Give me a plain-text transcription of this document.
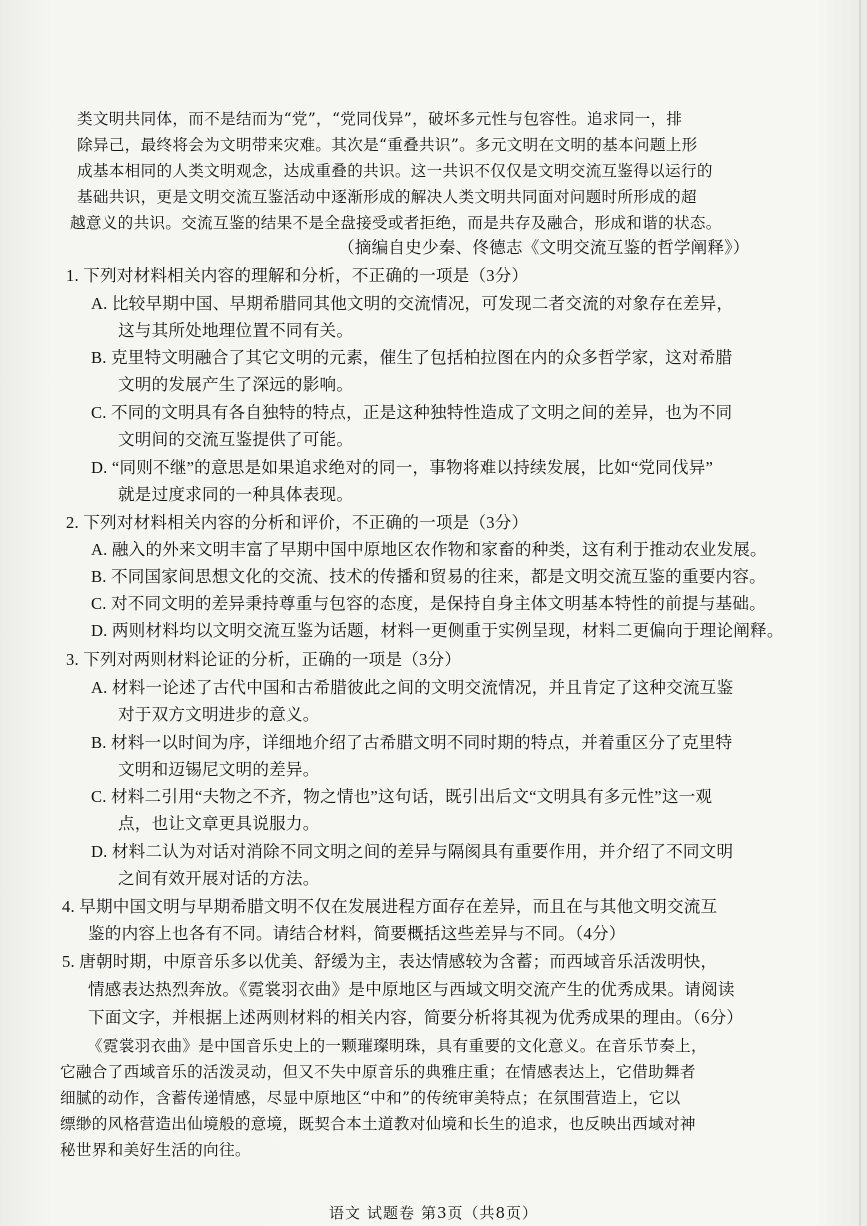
类文明共同体，而不是结而为“党”，“党同伐异”，破坏多元性与包容性。追求同一，排
除异己，最终将会为文明带来灾难。其次是“重叠共识”。多元文明在文明的基本问题上形
成基本相同的人类文明观念，达成重叠的共识。这一共识不仅仅是文明交流互鉴得以运行的
基础共识，更是文明交流互鉴活动中逐渐形成的解决人类文明共同面对问题时所形成的超
越意义的共识。交流互鉴的结果不是全盘接受或者拒绝，而是共存及融合，形成和谐的状态。
（摘编自史少秦、佟德志《文明交流互鉴的哲学阐释》）
1. 下列对材料相关内容的理解和分析，不正确的一项是（3分）
A. 比较早期中国、早期希腊同其他文明的交流情况，可发现二者交流的对象存在差异，
这与其所处地理位置不同有关。
B. 克里特文明融合了其它文明的元素，催生了包括柏拉图在内的众多哲学家，这对希腊
文明的发展产生了深远的影响。
C. 不同的文明具有各自独特的特点，正是这种独特性造成了文明之间的差异，也为不同
文明间的交流互鉴提供了可能。
D. “同则不继”的意思是如果追求绝对的同一，事物将难以持续发展，比如“党同伐异”
就是过度求同的一种具体表现。
2. 下列对材料相关内容的分析和评价，不正确的一项是（3分）
A. 融入的外来文明丰富了早期中国中原地区农作物和家畜的种类，这有利于推动农业发展。
B. 不同国家间思想文化的交流、技术的传播和贸易的往来，都是文明交流互鉴的重要内容。
C. 对不同文明的差异秉持尊重与包容的态度，是保持自身主体文明基本特性的前提与基础。
D. 两则材料均以文明交流互鉴为话题，材料一更侧重于实例呈现，材料二更偏向于理论阐释。
3. 下列对两则材料论证的分析，正确的一项是（3分）
A. 材料一论述了古代中国和古希腊彼此之间的文明交流情况，并且肯定了这种交流互鉴
对于双方文明进步的意义。
B. 材料一以时间为序，详细地介绍了古希腊文明不同时期的特点，并着重区分了克里特
文明和迈锡尼文明的差异。
C. 材料二引用“夫物之不齐，物之情也”这句话，既引出后文“文明具有多元性”这一观
点，也让文章更具说服力。
D. 材料二认为对话对消除不同文明之间的差异与隔阂具有重要作用，并介绍了不同文明
之间有效开展对话的方法。
4. 早期中国文明与早期希腊文明不仅在发展进程方面存在差异，而且在与其他文明交流互
鉴的内容上也各有不同。请结合材料，简要概括这些差异与不同。（4分）
5. 唐朝时期，中原音乐多以优美、舒缓为主，表达情感较为含蓄；而西域音乐活泼明快，
情感表达热烈奔放。《霓裳羽衣曲》是中原地区与西域文明交流产生的优秀成果。请阅读
下面文字，并根据上述两则材料的相关内容，简要分析将其视为优秀成果的理由。（6分）
《霓裳羽衣曲》是中国音乐史上的一颗璀璨明珠，具有重要的文化意义。在音乐节奏上，
它融合了西域音乐的活泼灵动，但又不失中原音乐的典雅庄重；在情感表达上，它借助舞者
细腻的动作，含蓄传递情感，尽显中原地区“中和”的传统审美特点；在氛围营造上，它以
缥缈的风格营造出仙境般的意境，既契合本土道教对仙境和长生的追求，也反映出西域对神
秘世界和美好生活的向往。
语文 试题卷 第3页（共8页）
